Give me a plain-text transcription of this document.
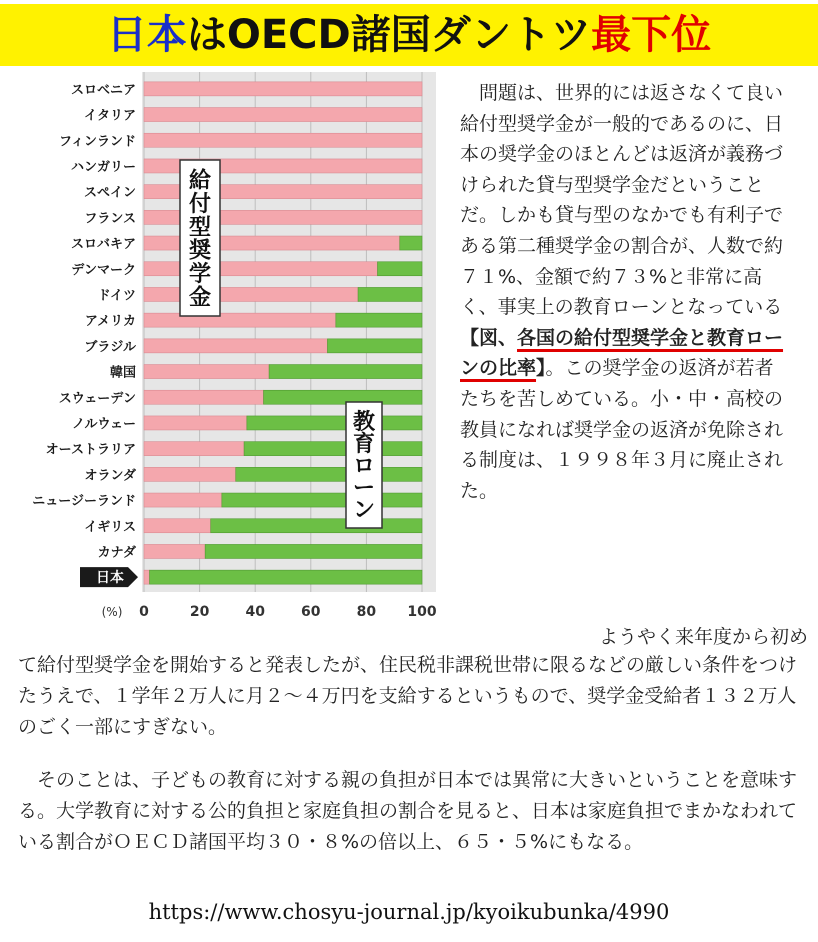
日本はOECD諸国ダントツ最下位
スロベニア
イタリア
フィンランド
ハンガリー
スペイン
フランス
スロバキア
デンマーク
ドイツ
アメリカ
ブラジル
韓国
スウェーデン
ノルウェー
オーストラリア
オランダ
ニュージーランド
イギリス
カナダ
日本
(%) 0	20	40	60	80 100
給
付
型
奨
学
金
教
育
ロ
ー
ン
　問題は、世界的には返さなくて良い
給付型奨学金が一般的であるのに、日
本の奨学金のほとんどは返済が義務づ
けられた貸与型奨学金だということ
だ。しかも貸与型のなかでも有利子で
ある第二種奨学金の割合が、人数で約
７１%、金額で約７３%と非常に高
く、事実上の教育ローンとなっている
【図、各国の給付型奨学金と教育ロー
ンの比率】。この奨学金の返済が若者
たちを苦しめている。小・中・高校の
教員になれば奨学金の返済が免除され
る制度は、１９９８年３月に廃止され
た。

ようやく来年度から初め

て給付型奨学金を開始すると発表したが、住民税非課税世帯に限るなどの厳しい条件をつけたうえで、１学年２万人に月２～４万円を支給するというもので、奨学金受給者１３２万人のごく一部にすぎない。

　そのことは、子どもの教育に対する親の負担が日本では異常に大きいということを意味する。大学教育に対する公的負担と家庭負担の割合を見ると、日本は家庭負担でまかなわれている割合がＯＥＣＤ諸国平均３０・８%の倍以上、６５・５%にもなる。

https://www.chosyu-journal.jp/kyoikubunka/4990
